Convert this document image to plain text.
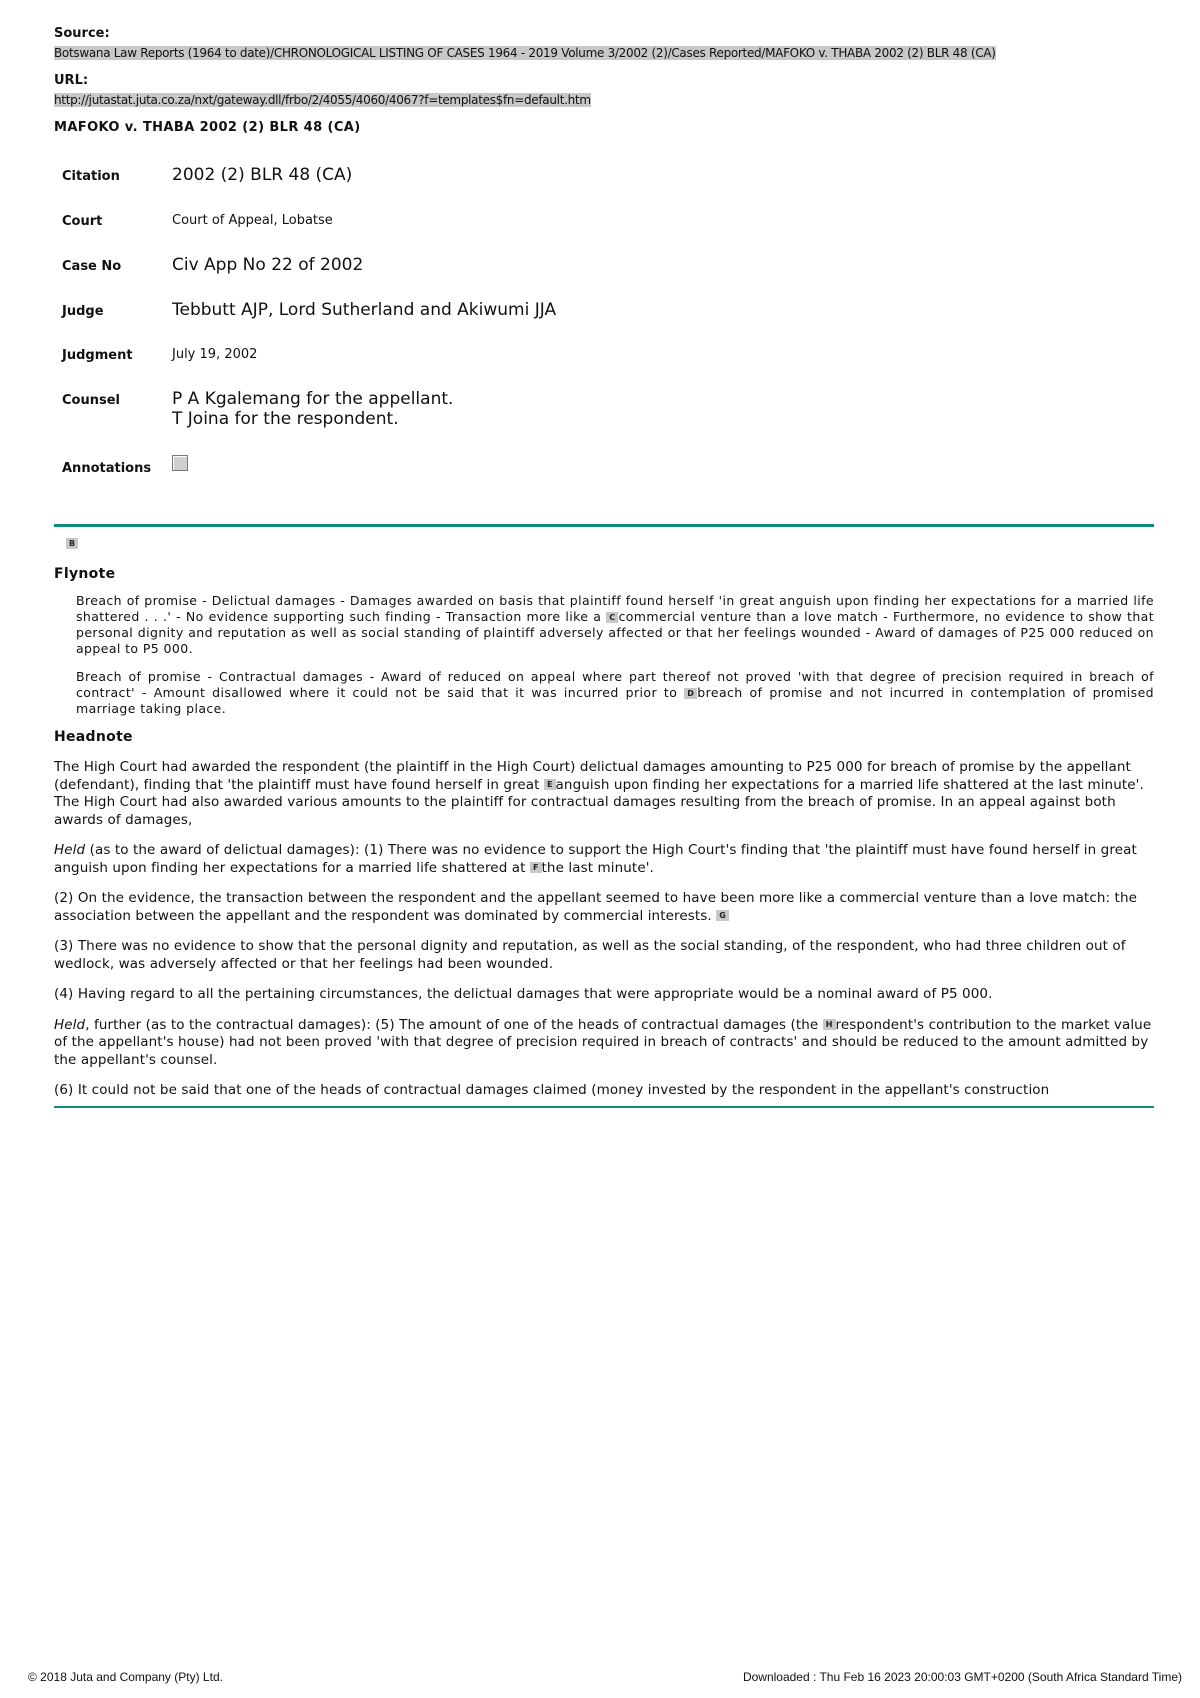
Source:
Botswana Law Reports (1964 to date)/CHRONOLOGICAL LISTING OF CASES 1964 - 2019 Volume 3/2002 (2)/Cases Reported/MAFOKO v. THABA 2002 (2) BLR 48 (CA)
URL:
http://jutastat.juta.co.za/nxt/gateway.dll/frbo/2/4055/4060/4067?f=templates$fn=default.htm
MAFOKO v. THABA 2002 (2) BLR 48 (CA)
Citation	2002 (2) BLR 48 (CA)
Court	Court of Appeal, Lobatse
Case No	Civ App No 22 of 2002
Judge	Tebbutt AJP, Lord Sutherland and Akiwumi JJA
Judgment	July 19, 2002
Counsel	P A Kgalemang for the appellant.
T Joina for the respondent.

Annotations	
B
Flynote

Breach of promise - Delictual damages - Damages awarded on basis that plaintiff found herself 'in great anguish upon finding her expectations for a married life shattered . . .' - No evidence supporting such finding - Transaction more like a C commercial venture than a love match - Furthermore, no evidence to show that personal dignity and reputation as well as social standing of plaintiff adversely affected or that her feelings wounded - Award of damages of P25 000 reduced on appeal to P5 000.

Breach of promise - Contractual damages - Award of reduced on appeal where part thereof not proved 'with that degree of precision required in breach of contract' - Amount disallowed where it could not be said that it was incurred prior to D breach of promise and not incurred in contemplation of promised marriage taking place.

Headnote

The High Court had awarded the respondent (the plaintiff in the High Court) delictual damages amounting to P25 000 for breach of promise by the appellant (defendant), finding that 'the plaintiff must have found herself in great E anguish upon finding her expectations for a married life shattered at the last minute'. The High Court had also awarded various amounts to the plaintiff for contractual damages resulting from the breach of promise. In an appeal against both awards of damages,

Held (as to the award of delictual damages): (1) There was no evidence to support the High Court's finding that 'the plaintiff must have found herself in great anguish upon finding her expectations for a married life shattered at F the last minute'.

(2) On the evidence, the transaction between the respondent and the appellant seemed to have been more like a commercial venture than a love match: the association between the appellant and the respondent was dominated by commercial interests. G

(3) There was no evidence to show that the personal dignity and reputation, as well as the social standing, of the respondent, who had three children out of wedlock, was adversely affected or that her feelings had been wounded.

(4) Having regard to all the pertaining circumstances, the delictual damages that were appropriate would be a nominal award of P5 000.

Held, further (as to the contractual damages): (5) The amount of one of the heads of contractual damages (the H respondent's contribution to the market value of the appellant's house) had not been proved 'with that degree of precision required in breach of contracts' and should be reduced to the amount admitted by the appellant's counsel.

(6) It could not be said that one of the heads of contractual damages claimed (money invested by the respondent in the appellant's construction

© 2018 Juta and Company (Pty) Ltd.	Downloaded : Thu Feb 16 2023 20:00:03 GMT+0200 (South Africa Standard Time)
